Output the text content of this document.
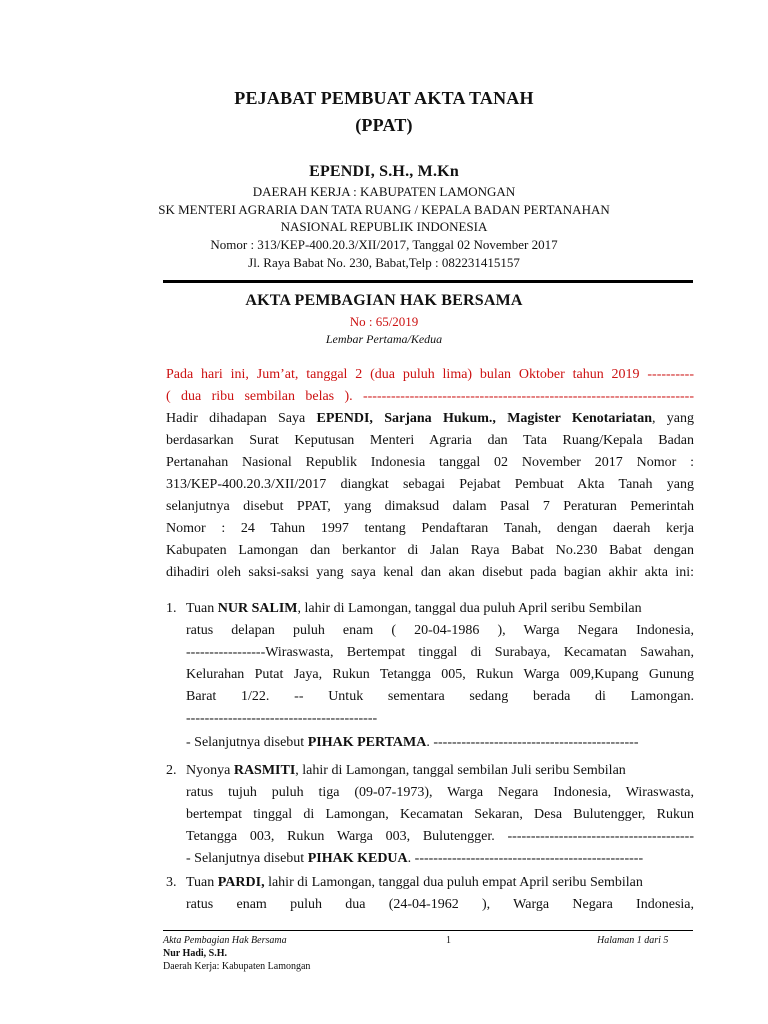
PEJABAT PEMBUAT AKTA TANAH
(PPAT)
EPENDI, S.H., M.Kn
DAERAH KERJA : KABUPATEN LAMONGAN
SK MENTERI AGRARIA DAN TATA RUANG / KEPALA BADAN PERTANAHAN
NASIONAL REPUBLIK INDONESIA
Nomor : 313/KEP-400.20.3/XII/2017, Tanggal 02 November 2017
Jl. Raya Babat No. 230, Babat,Telp : 082231415157
AKTA PEMBAGIAN HAK BERSAMA
No : 65/2019
Lembar Pertama/Kedua
Pada hari ini, Jum’at, tanggal 2 (dua puluh lima) bulan Oktober tahun 2019 ----------
( dua ribu sembilan belas ). -----------------------------------------------------------------------
Hadir dihadapan Saya EPENDI, Sarjana Hukum., Magister Kenotariatan, yang
berdasarkan Surat Keputusan Menteri Agraria dan Tata Ruang/Kepala Badan
Pertanahan Nasional Republik Indonesia tanggal 02 November 2017 Nomor :
313/KEP-400.20.3/XII/2017 diangkat sebagai Pejabat Pembuat Akta Tanah yang
selanjutnya disebut PPAT, yang dimaksud dalam Pasal 7 Peraturan Pemerintah
Nomor : 24 Tahun 1997 tentang Pendaftaran Tanah, dengan daerah kerja
Kabupaten Lamongan dan berkantor di Jalan Raya Babat No.230 Babat dengan
dihadiri oleh saksi-saksi yang saya kenal dan akan disebut pada bagian akhir akta ini:
1. Tuan NUR SALIM, lahir di Lamongan, tanggal dua puluh April seribu Sembilan
ratus delapan puluh enam ( 20-04-1986 ), Warga Negara Indonesia,
-----------------Wiraswasta, Bertempat tinggal di Surabaya, Kecamatan Sawahan,
Kelurahan Putat Jaya, Rukun Tetangga 005, Rukun Warga 009,Kupang Gunung
Barat 1/22. -- Untuk sementara sedang berada di Lamongan.
-----------------------------------------
- Selanjutnya disebut PIHAK PERTAMA. --------------------------------------------
2. Nyonya RASMITI, lahir di Lamongan, tanggal sembilan Juli seribu Sembilan
ratus tujuh puluh tiga (09-07-1973), Warga Negara Indonesia, Wiraswasta,
bertempat tinggal di Lamongan, Kecamatan Sekaran, Desa Bulutengger, Rukun
Tetangga 003, Rukun Warga 003, Bulutengger. ----------------------------------------
- Selanjutnya disebut PIHAK KEDUA. -------------------------------------------------
3. Tuan PARDI, lahir di Lamongan, tanggal dua puluh empat April seribu Sembilan
ratus enam puluh dua (24-04-1962 ), Warga Negara Indonesia,
Akta Pembagian Hak Bersama	1	Halaman 1 dari 5
Nur Hadi, S.H.
Daerah Kerja: Kabupaten Lamongan
